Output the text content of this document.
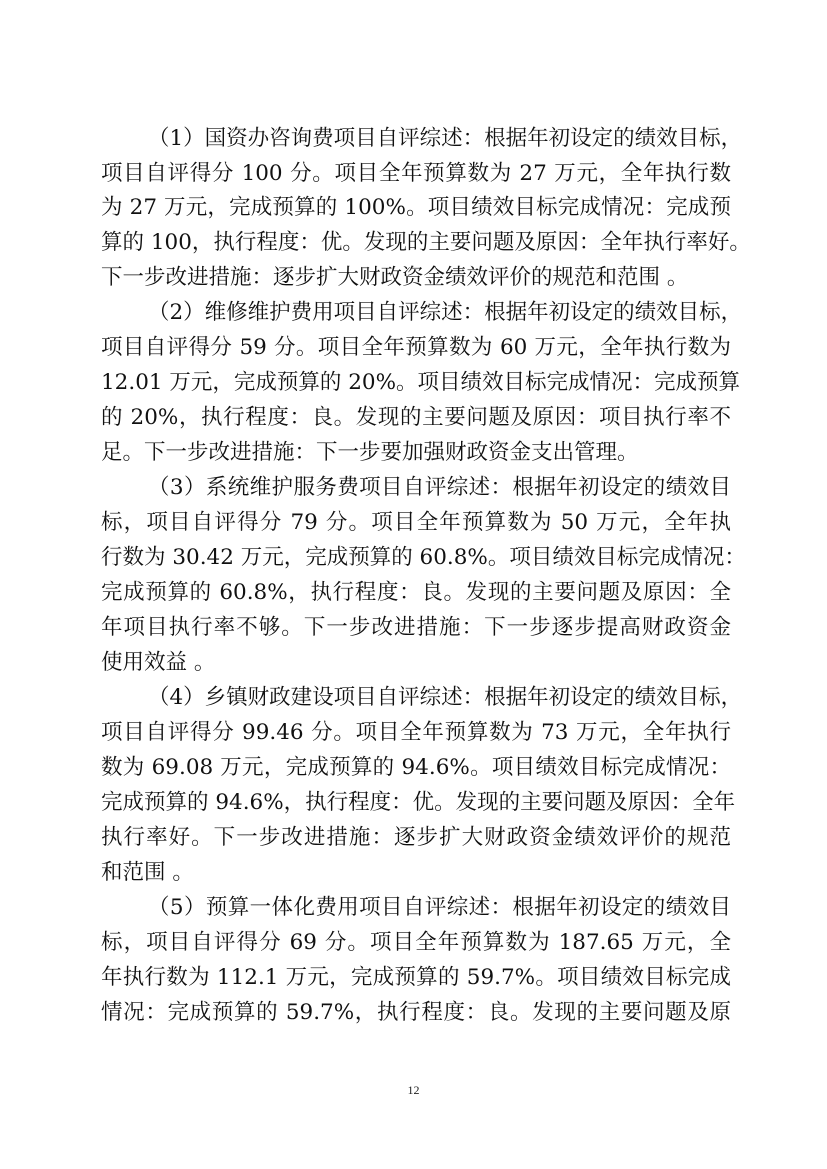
（1）国资办咨询费项目自评综述：根据年初设定的绩效目标，
项目自评得分 100 分。项目全年预算数为 27 万元，全年执行数
为 27 万元，完成预算的 100%。项目绩效目标完成情况：完成预
算的 100，执行程度：优。发现的主要问题及原因：全年执行率好。
下一步改进措施：逐步扩大财政资金绩效评价的规范和范围 。
（2）维修维护费用项目自评综述：根据年初设定的绩效目标，
项目自评得分 59 分。项目全年预算数为 60 万元，全年执行数为
12.01 万元，完成预算的 20%。项目绩效目标完成情况：完成预算
的 20%，执行程度：良。发现的主要问题及原因：项目执行率不
足。下一步改进措施：下一步要加强财政资金支出管理。
（3）系统维护服务费项目自评综述：根据年初设定的绩效目
标，项目自评得分 79 分。项目全年预算数为 50 万元，全年执
行数为 30.42 万元，完成预算的 60.8%。项目绩效目标完成情况：
完成预算的 60.8%，执行程度：良。发现的主要问题及原因：全
年项目执行率不够。下一步改进措施：下一步逐步提高财政资金
使用效益 。
（4）乡镇财政建设项目自评综述：根据年初设定的绩效目标，
项目自评得分 99.46 分。项目全年预算数为 73 万元，全年执行
数为 69.08 万元，完成预算的 94.6%。项目绩效目标完成情况：
完成预算的 94.6%，执行程度：优。发现的主要问题及原因：全年
执行率好。下一步改进措施：逐步扩大财政资金绩效评价的规范
和范围 。
（5）预算一体化费用项目自评综述：根据年初设定的绩效目
标，项目自评得分 69 分。项目全年预算数为 187.65 万元，全
年执行数为 112.1 万元，完成预算的 59.7%。项目绩效目标完成
情况：完成预算的 59.7%，执行程度：良。发现的主要问题及原
12
